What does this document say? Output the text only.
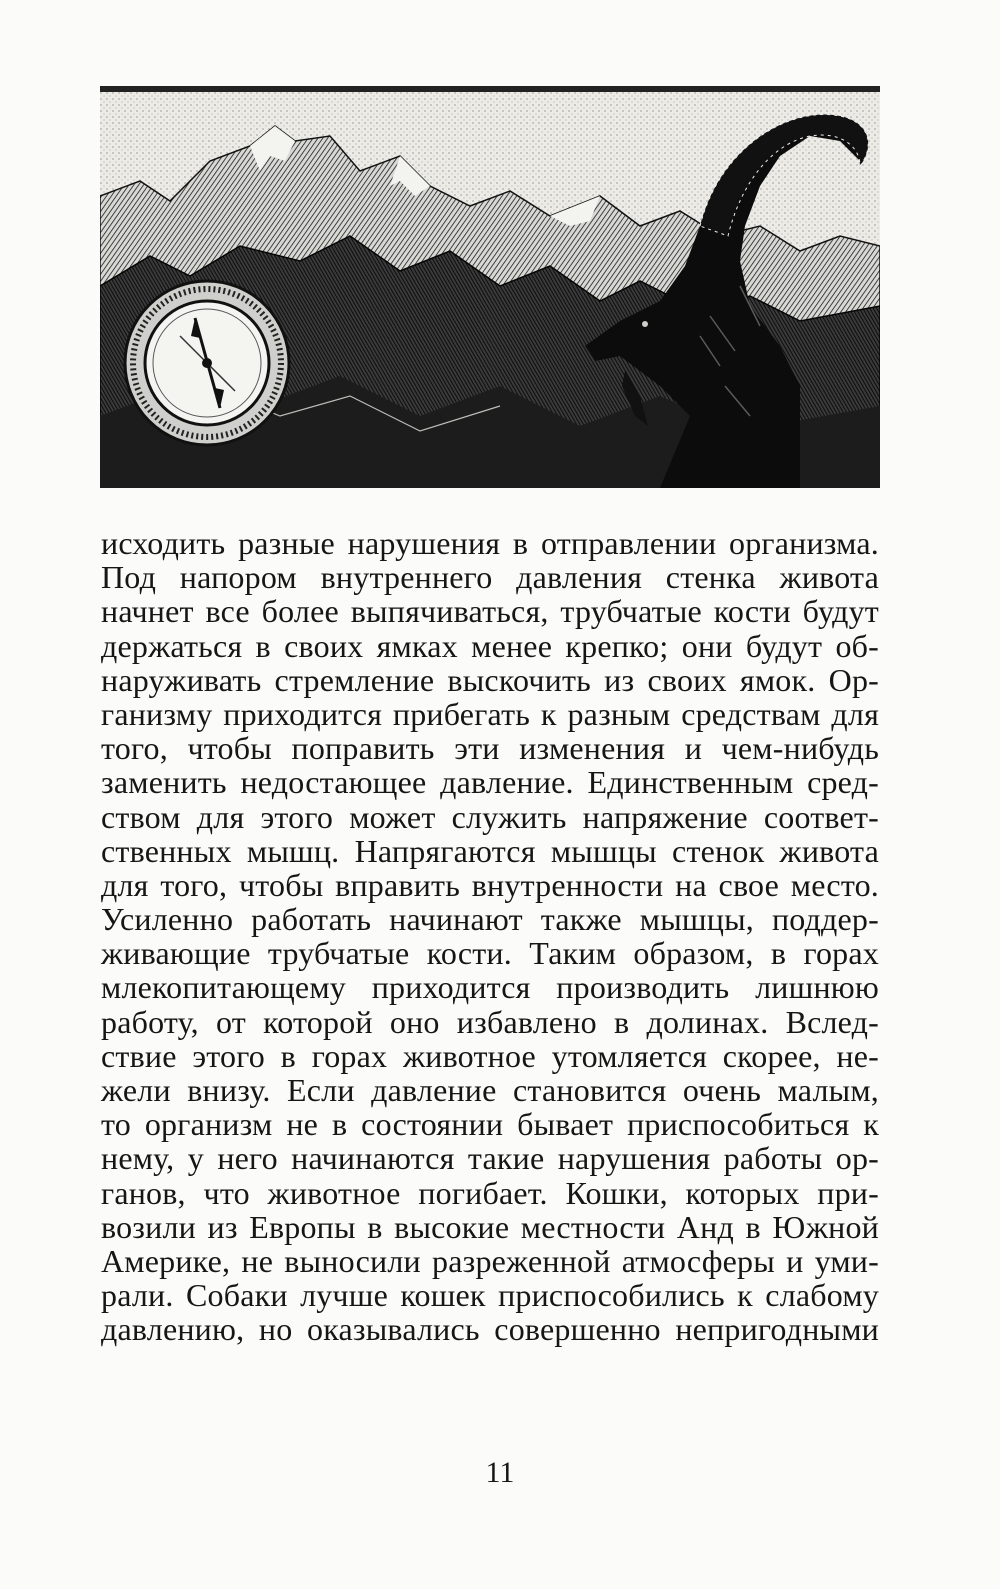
исходить разные нарушения в отправлении организма.
Под напором внутреннего давления стенка живота
начнет все более выпячиваться, трубчатые кости будут
держаться в своих ямках менее крепко; они будут об-
наруживать стремление выскочить из своих ямок. Ор-
ганизму приходится прибегать к разным средствам для
того, чтобы поправить эти изменения и чем-нибудь
заменить недостающее давление. Единственным сред-
ством для этого может служить напряжение соответ-
ственных мышц. Напрягаются мышцы стенок живота
для того, чтобы вправить внутренности на свое место.
Усиленно работать начинают также мышцы, поддер-
живающие трубчатые кости. Таким образом, в горах
млекопитающему приходится производить лишнюю
работу, от которой оно избавлено в долинах. Вслед-
ствие этого в горах животное утомляется скорее, не-
жели внизу. Если давление становится очень малым,
то организм не в состоянии бывает приспособиться к
нему, у него начинаются такие нарушения работы ор-
ганов, что животное погибает. Кошки, которых при-
возили из Европы в высокие местности Анд в Южной
Америке, не выносили разреженной атмосферы и уми-
рали. Собаки лучше кошек приспособились к слабому
давлению, но оказывались совершенно непригодными
11
